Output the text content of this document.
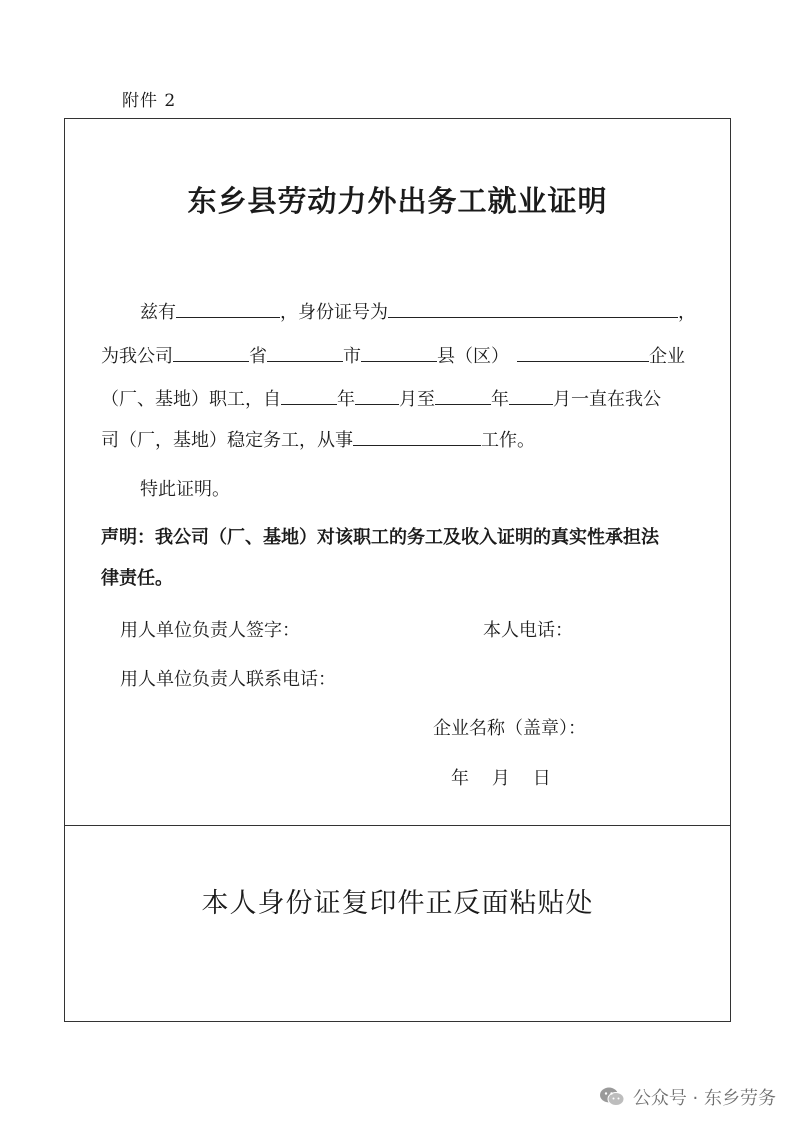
附件 2
东乡县劳动力外出务工就业证明
兹有	，身份证号为	，
为我公司	省	市	县（区）	企业
（厂、基地）职工，自	年 月至	年 月一直在我公
司（厂，基地）稳定务工，从事	工作。
特此证明。
声明：我公司（厂、基地）对该职工的务工及收入证明的真实性承担法
律责任。
用人单位负责人签字：	本人电话：
用人单位负责人联系电话：
企业名称（盖章）：
年    月    日
本人身份证复印件正反面粘贴处
公众号 · 东乡劳务
